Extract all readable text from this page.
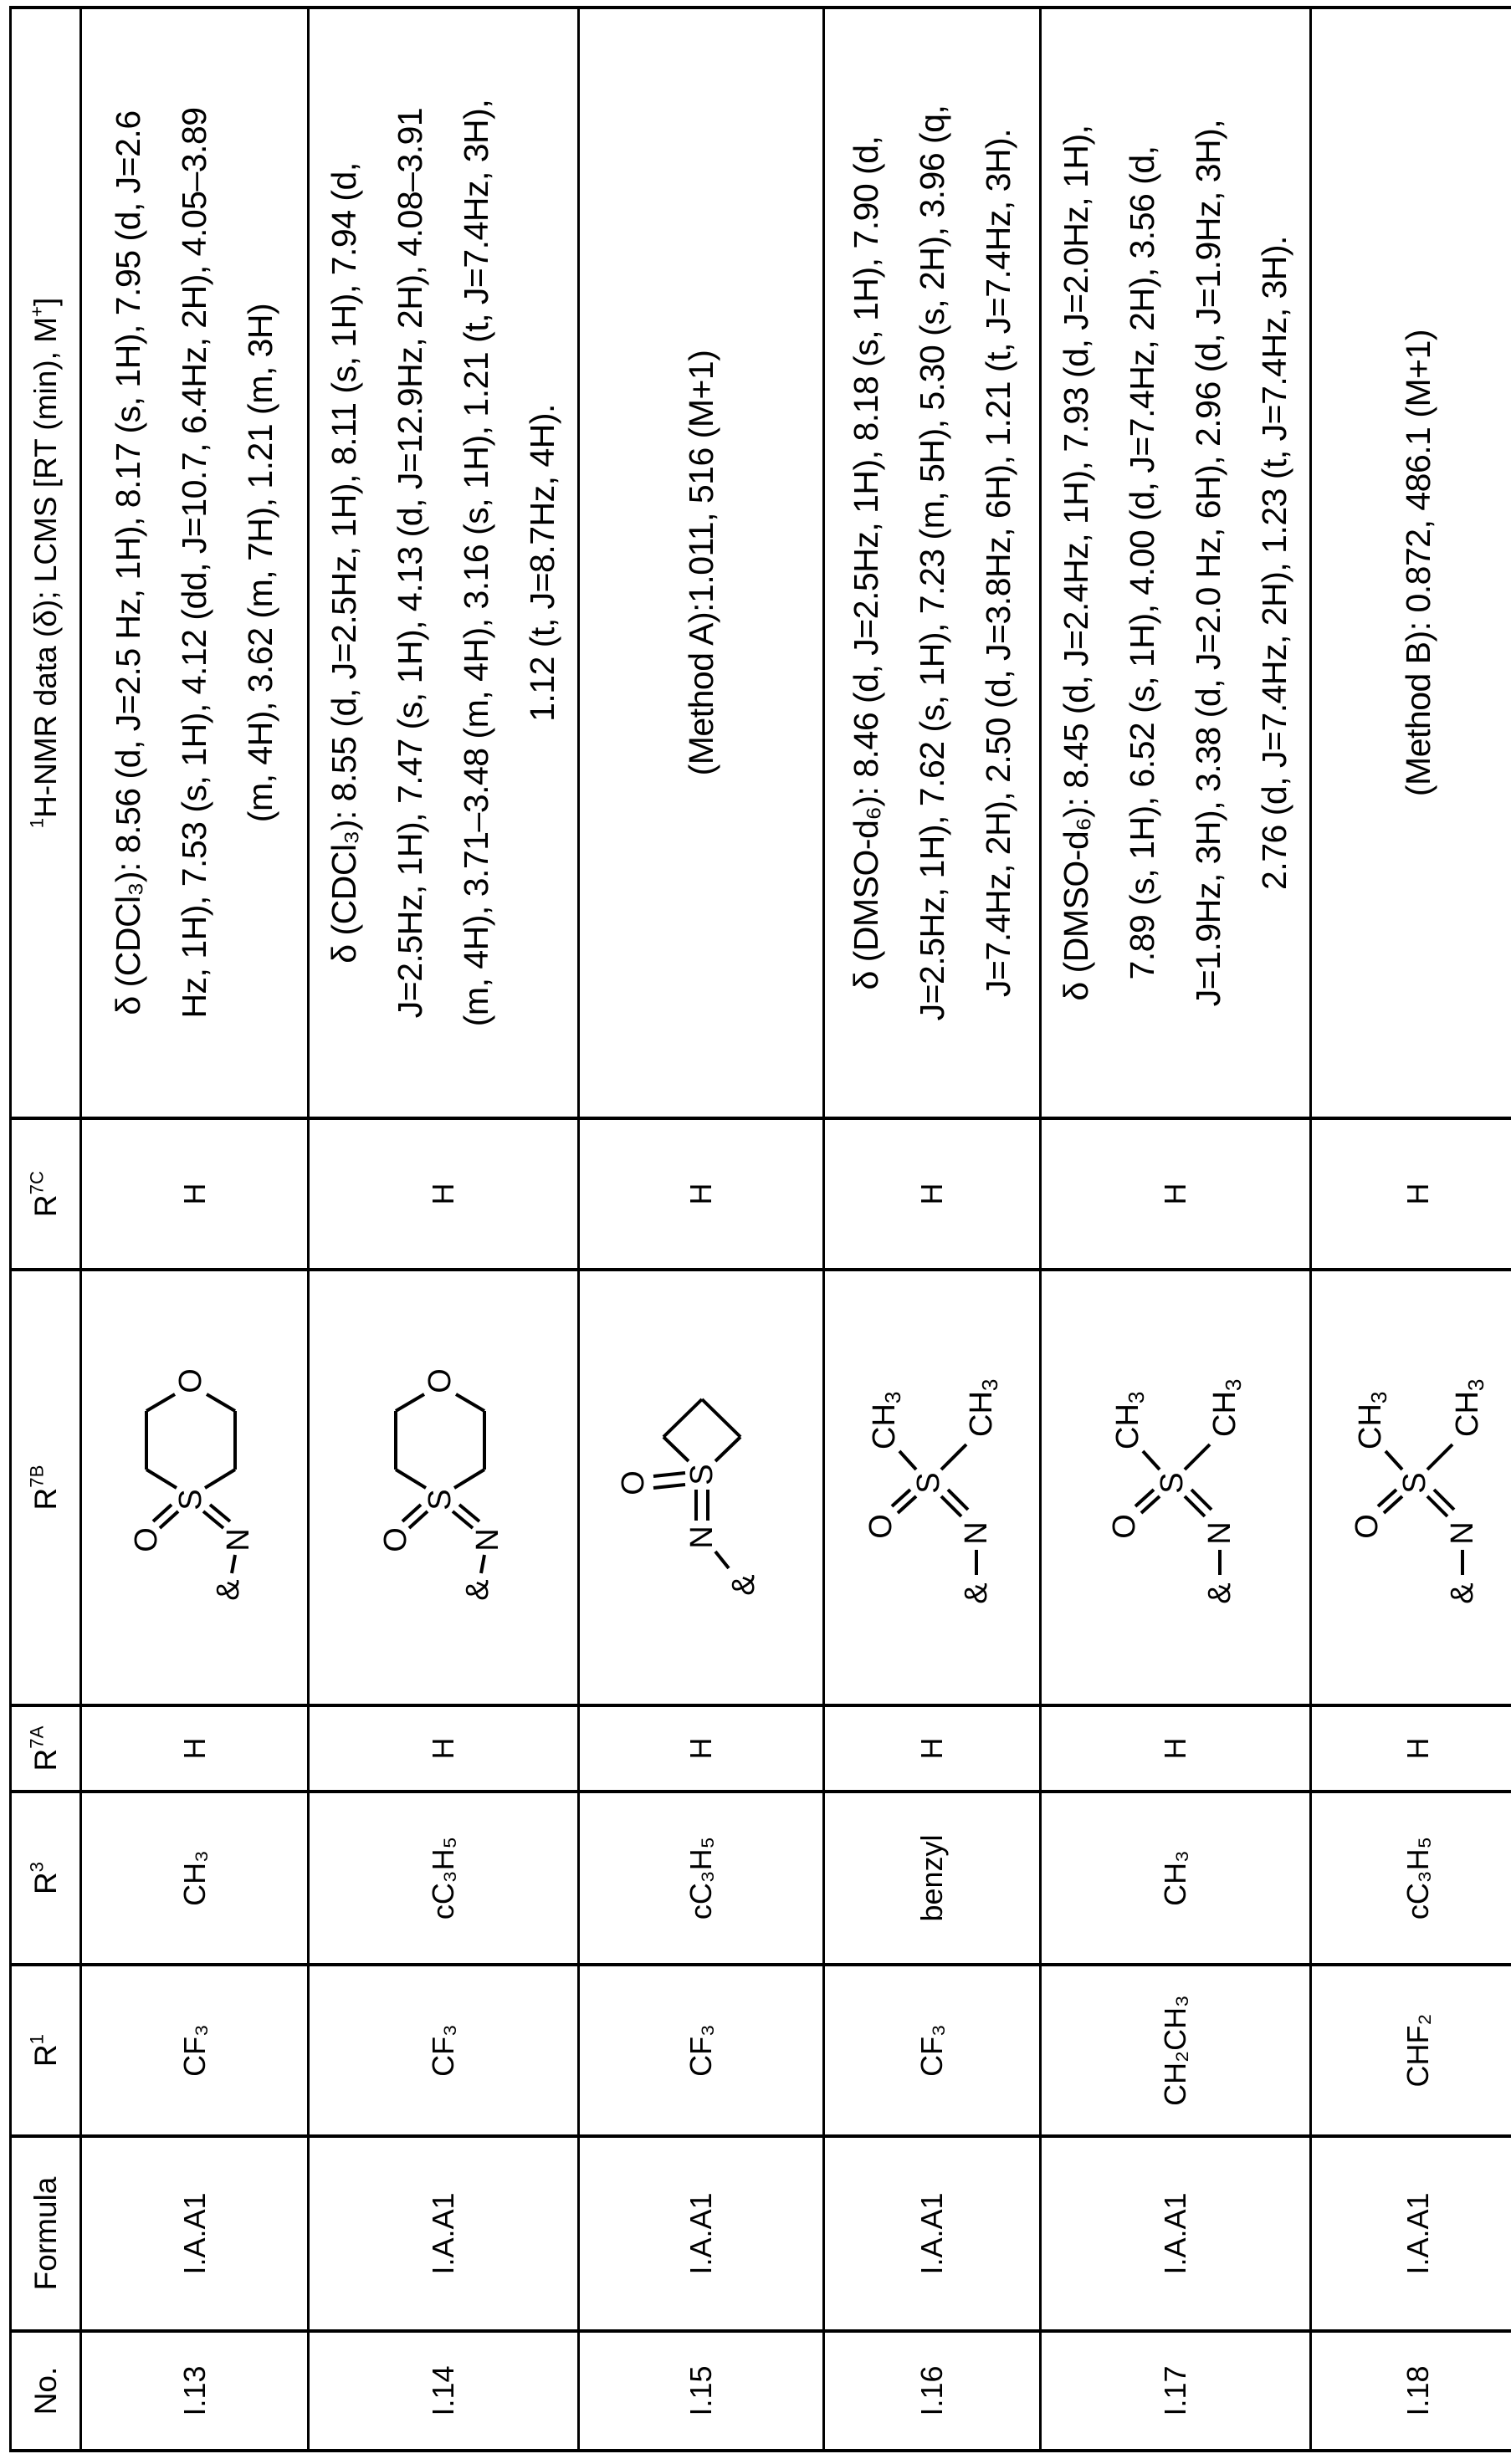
No.	Formula	R1	R3	R7A	R7B	R7C	1H-NMR data (δ); LCMS [RT (min), M+]
I.13	I.A.A1	CF₃	CH₃	H	
S
O
O N
&
	H	
δ (CDCl₃): 8.56 (d, J=2.5 Hz, 1H), 8.17 (s, 1H), 7.95 (d, J=2.6 Hz, 1H), 7.53 (s, 1H), 4.12 (dd, J=10.7, 6.4Hz, 2H), 4.05–3.89 (m, 4H), 3.62 (m, 7H), 1.21 (m, 3H)

I.14	I.A.A1	CF₃	cC₃H₅	H	
S
O
O N
&
	H	
δ (CDCl₃): 8.55 (d, J=2.5Hz, 1H), 8.11 (s, 1H), 7.94 (d, J=2.5Hz, 1H), 7.47 (s, 1H), 4.13 (d, J=12.9Hz, 2H), 4.08–3.91 (m, 4H), 3.71–3.48 (m, 4H), 3.16 (s, 1H), 1.21 (t, J=7.4Hz, 3H), 1.12 (t, J=8.7Hz, 4H).

I.15	I.A.A1	CF₃	cC₃H₅	H	
S
O
N
&
	H	
(Method A):1.011, 516 (M+1)

I.16	I.A.A1	CF₃	benzyl	H	
S
O N
&
CH3 CH3
	H	
δ (DMSO-d₆): 8.46 (d, J=2.5Hz, 1H), 8.18 (s, 1H), 7.90 (d, J=2.5Hz, 1H), 7.62 (s, 1H), 7.23 (m, 5H), 5.30 (s, 2H), 3.96 (q, J=7.4Hz, 2H), 2.50 (d, J=3.8Hz, 6H), 1.21 (t, J=7.4Hz, 3H).

I.17	I.A.A1	CH₂CH₃	CH₃	H	
S
O N
&
CH3 CH3
	H	
δ (DMSO-d₆): 8.45 (d, J=2.4Hz, 1H), 7.93 (d, J=2.0Hz, 1H), 7.89 (s, 1H), 6.52 (s, 1H), 4.00 (d, J=7.4Hz, 2H), 3.56 (d, J=1.9Hz, 3H), 3.38 (d, J=2.0 Hz, 6H), 2.96 (d, J=1.9Hz, 3H), 2.76 (d, J=7.4Hz, 2H), 1.23 (t, J=7.4Hz, 3H).

I.18	I.A.A1	CHF₂	cC₃H₅	H	
S
O N
&
CH3 CH3
	H	
(Method B): 0.872, 486.1 (M+1)
